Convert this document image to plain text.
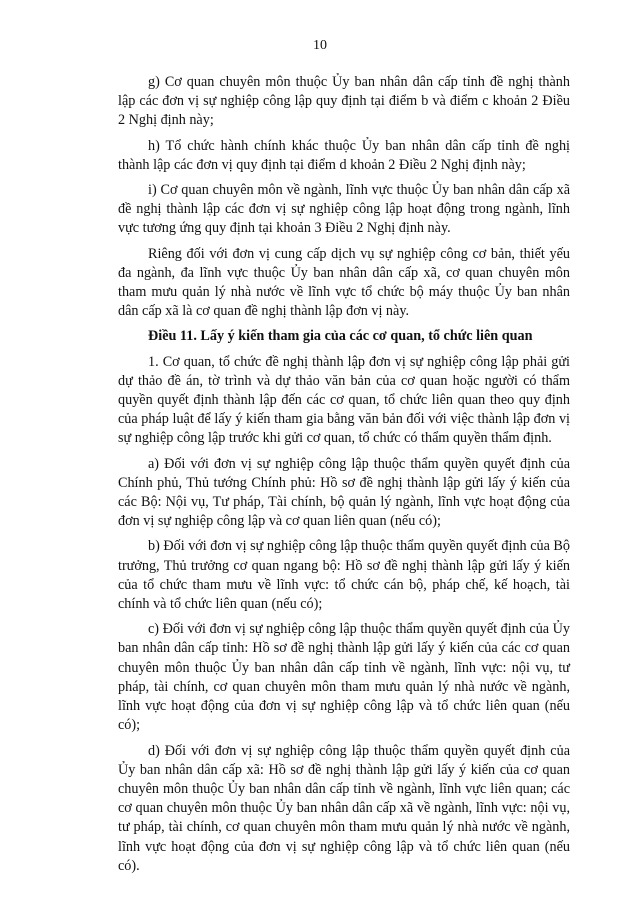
10

g) Cơ quan chuyên môn thuộc Ủy ban nhân dân cấp tỉnh đề nghị thành lập các đơn vị sự nghiệp công lập quy định tại điểm b và điểm c khoản 2 Điều 2 Nghị định này;

h) Tổ chức hành chính khác thuộc Ủy ban nhân dân cấp tỉnh đề nghị thành lập các đơn vị quy định tại điểm d khoản 2 Điều 2 Nghị định này;

i) Cơ quan chuyên môn về ngành, lĩnh vực thuộc Ủy ban nhân dân cấp xã đề nghị thành lập các đơn vị sự nghiệp công lập hoạt động trong ngành, lĩnh vực tương ứng quy định tại khoản 3 Điều 2 Nghị định này.

Riêng đối với đơn vị cung cấp dịch vụ sự nghiệp công cơ bản, thiết yếu đa ngành, đa lĩnh vực thuộc Ủy ban nhân dân cấp xã, cơ quan chuyên môn tham mưu quản lý nhà nước về lĩnh vực tổ chức bộ máy thuộc Ủy ban nhân dân cấp xã là cơ quan đề nghị thành lập đơn vị này.

Điều 11. Lấy ý kiến tham gia của các cơ quan, tổ chức liên quan

1. Cơ quan, tổ chức đề nghị thành lập đơn vị sự nghiệp công lập phải gửi dự thảo đề án, tờ trình và dự thảo văn bản của cơ quan hoặc người có thẩm quyền quyết định thành lập đến các cơ quan, tổ chức liên quan theo quy định của pháp luật để lấy ý kiến tham gia bằng văn bản đối với việc thành lập đơn vị sự nghiệp công lập trước khi gửi cơ quan, tổ chức có thẩm quyền thẩm định.

a) Đối với đơn vị sự nghiệp công lập thuộc thẩm quyền quyết định của Chính phủ, Thủ tướng Chính phủ: Hồ sơ đề nghị thành lập gửi lấy ý kiến của các Bộ: Nội vụ, Tư pháp, Tài chính, bộ quản lý ngành, lĩnh vực hoạt động của đơn vị sự nghiệp công lập và cơ quan liên quan (nếu có);

b) Đối với đơn vị sự nghiệp công lập thuộc thẩm quyền quyết định của Bộ trưởng, Thủ trưởng cơ quan ngang bộ: Hồ sơ đề nghị thành lập gửi lấy ý kiến của tổ chức tham mưu về lĩnh vực: tổ chức cán bộ, pháp chế, kế hoạch, tài chính và tổ chức liên quan (nếu có);

c) Đối với đơn vị sự nghiệp công lập thuộc thẩm quyền quyết định của Ủy ban nhân dân cấp tỉnh: Hồ sơ đề nghị thành lập gửi lấy ý kiến của các cơ quan chuyên môn thuộc Ủy ban nhân dân cấp tỉnh về ngành, lĩnh vực: nội vụ, tư pháp, tài chính, cơ quan chuyên môn tham mưu quản lý nhà nước về ngành, lĩnh vực hoạt động của đơn vị sự nghiệp công lập và tổ chức liên quan (nếu có);

d) Đối với đơn vị sự nghiệp công lập thuộc thẩm quyền quyết định của Ủy ban nhân dân cấp xã: Hồ sơ đề nghị thành lập gửi lấy ý kiến của cơ quan chuyên môn thuộc Ủy ban nhân dân cấp tỉnh về ngành, lĩnh vực liên quan; các cơ quan chuyên môn thuộc Ủy ban nhân dân cấp xã về ngành, lĩnh vực: nội vụ, tư pháp, tài chính, cơ quan chuyên môn tham mưu quản lý nhà nước về ngành, lĩnh vực hoạt động của đơn vị sự nghiệp công lập và tổ chức liên quan (nếu có).
